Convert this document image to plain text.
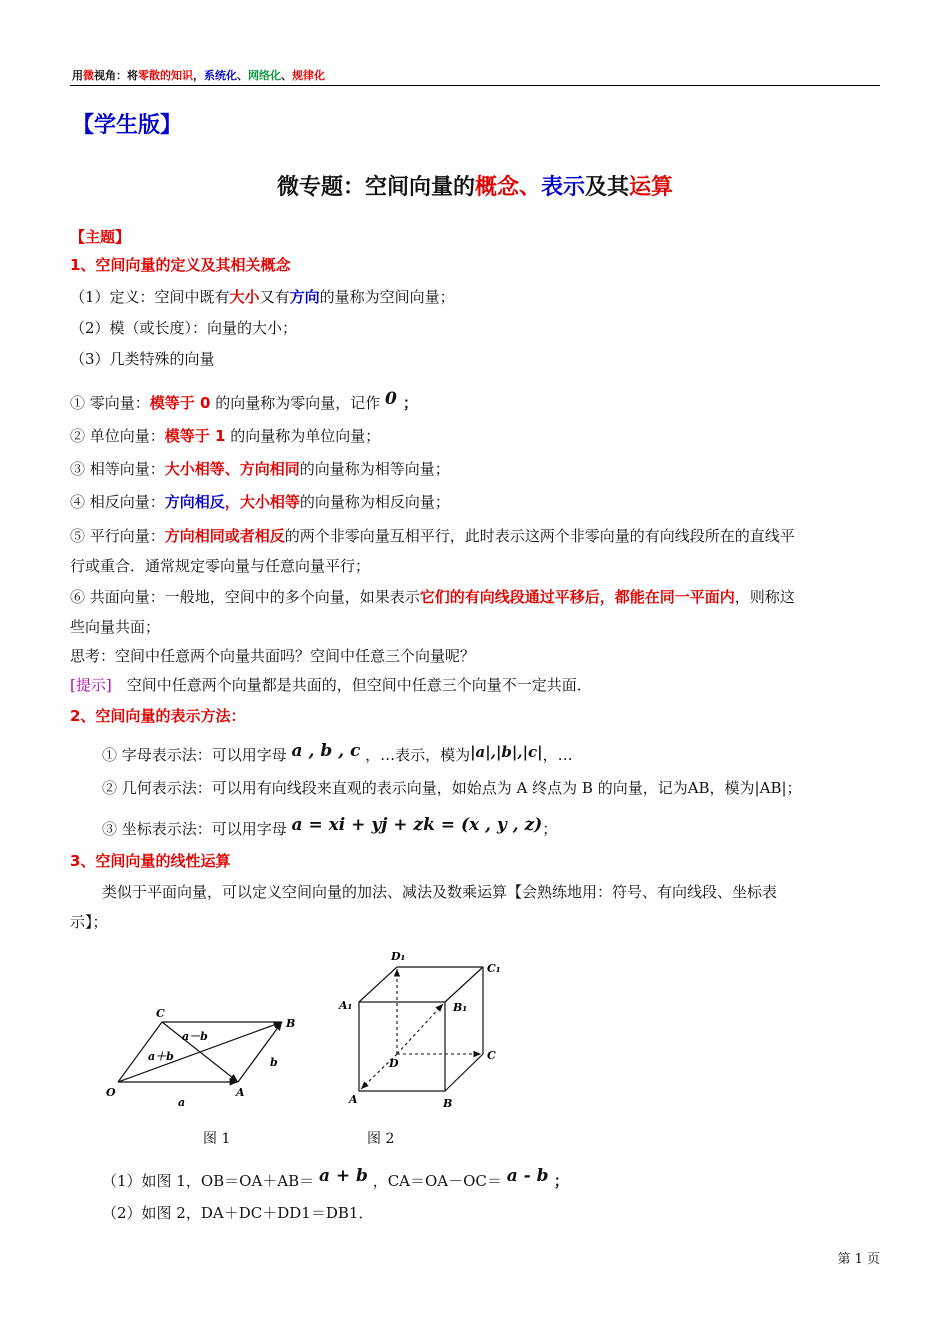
用微视角：将零散的知识，系统化、网络化、规律化
【学生版】
微专题：空间向量的概念、表示及其运算
【主题】
1、空间向量的定义及其相关概念
（1）定义：空间中既有大小又有方向的量称为空间向量；
（2）模（或长度）：向量的大小；
（3）几类特殊的向量
① 零向量：模等于 0 的向量称为零向量，记作 0 ；
② 单位向量：模等于 1 的向量称为单位向量；
③ 相等向量：大小相等、方向相同的向量称为相等向量；
④ 相反向量：方向相反，大小相等的向量称为相反向量；
⑤ 平行向量：方向相同或者相反的两个非零向量互相平行，此时表示这两个非零向量的有向线段所在的直线平
行或重合．通常规定零向量与任意向量平行；
⑥ 共面向量：一般地，空间中的多个向量，如果表示它们的有向线段通过平移后，都能在同一平面内，则称这
些向量共面；
思考：空间中任意两个向量共面吗？空间中任意三个向量呢？
[提示]　空间中任意两个向量都是共面的，但空间中任意三个向量不一定共面．
2、空间向量的表示方法：
① 字母表示法：可以用字母 a , b , c ，…表示，模为|a|,|b|,|c|，…
② 几何表示法：可以用有向线段来直观的表示向量，如始点为 A 终点为 B 的向量，记为AB，模为|AB|；
③ 坐标表示法：可以用字母 a = xi + yj + zk = (x , y , z)；
3、空间向量的线性运算
类似于平面向量，可以定义空间向量的加法、减法及数乘运算【会熟练地用：符号、有向线段、坐标表
示】；
C
B
O	A
a－b
a＋b	b
a
D₁
C₁
A₁	B₁
D
C
A	B
图 1	图 2
（1）如图 1，OB＝OA＋AB＝ a + b ，CA＝OA－OC＝ a - b ；
（2）如图 2，DA＋DC＋DD1＝DB1．
第 1 页
